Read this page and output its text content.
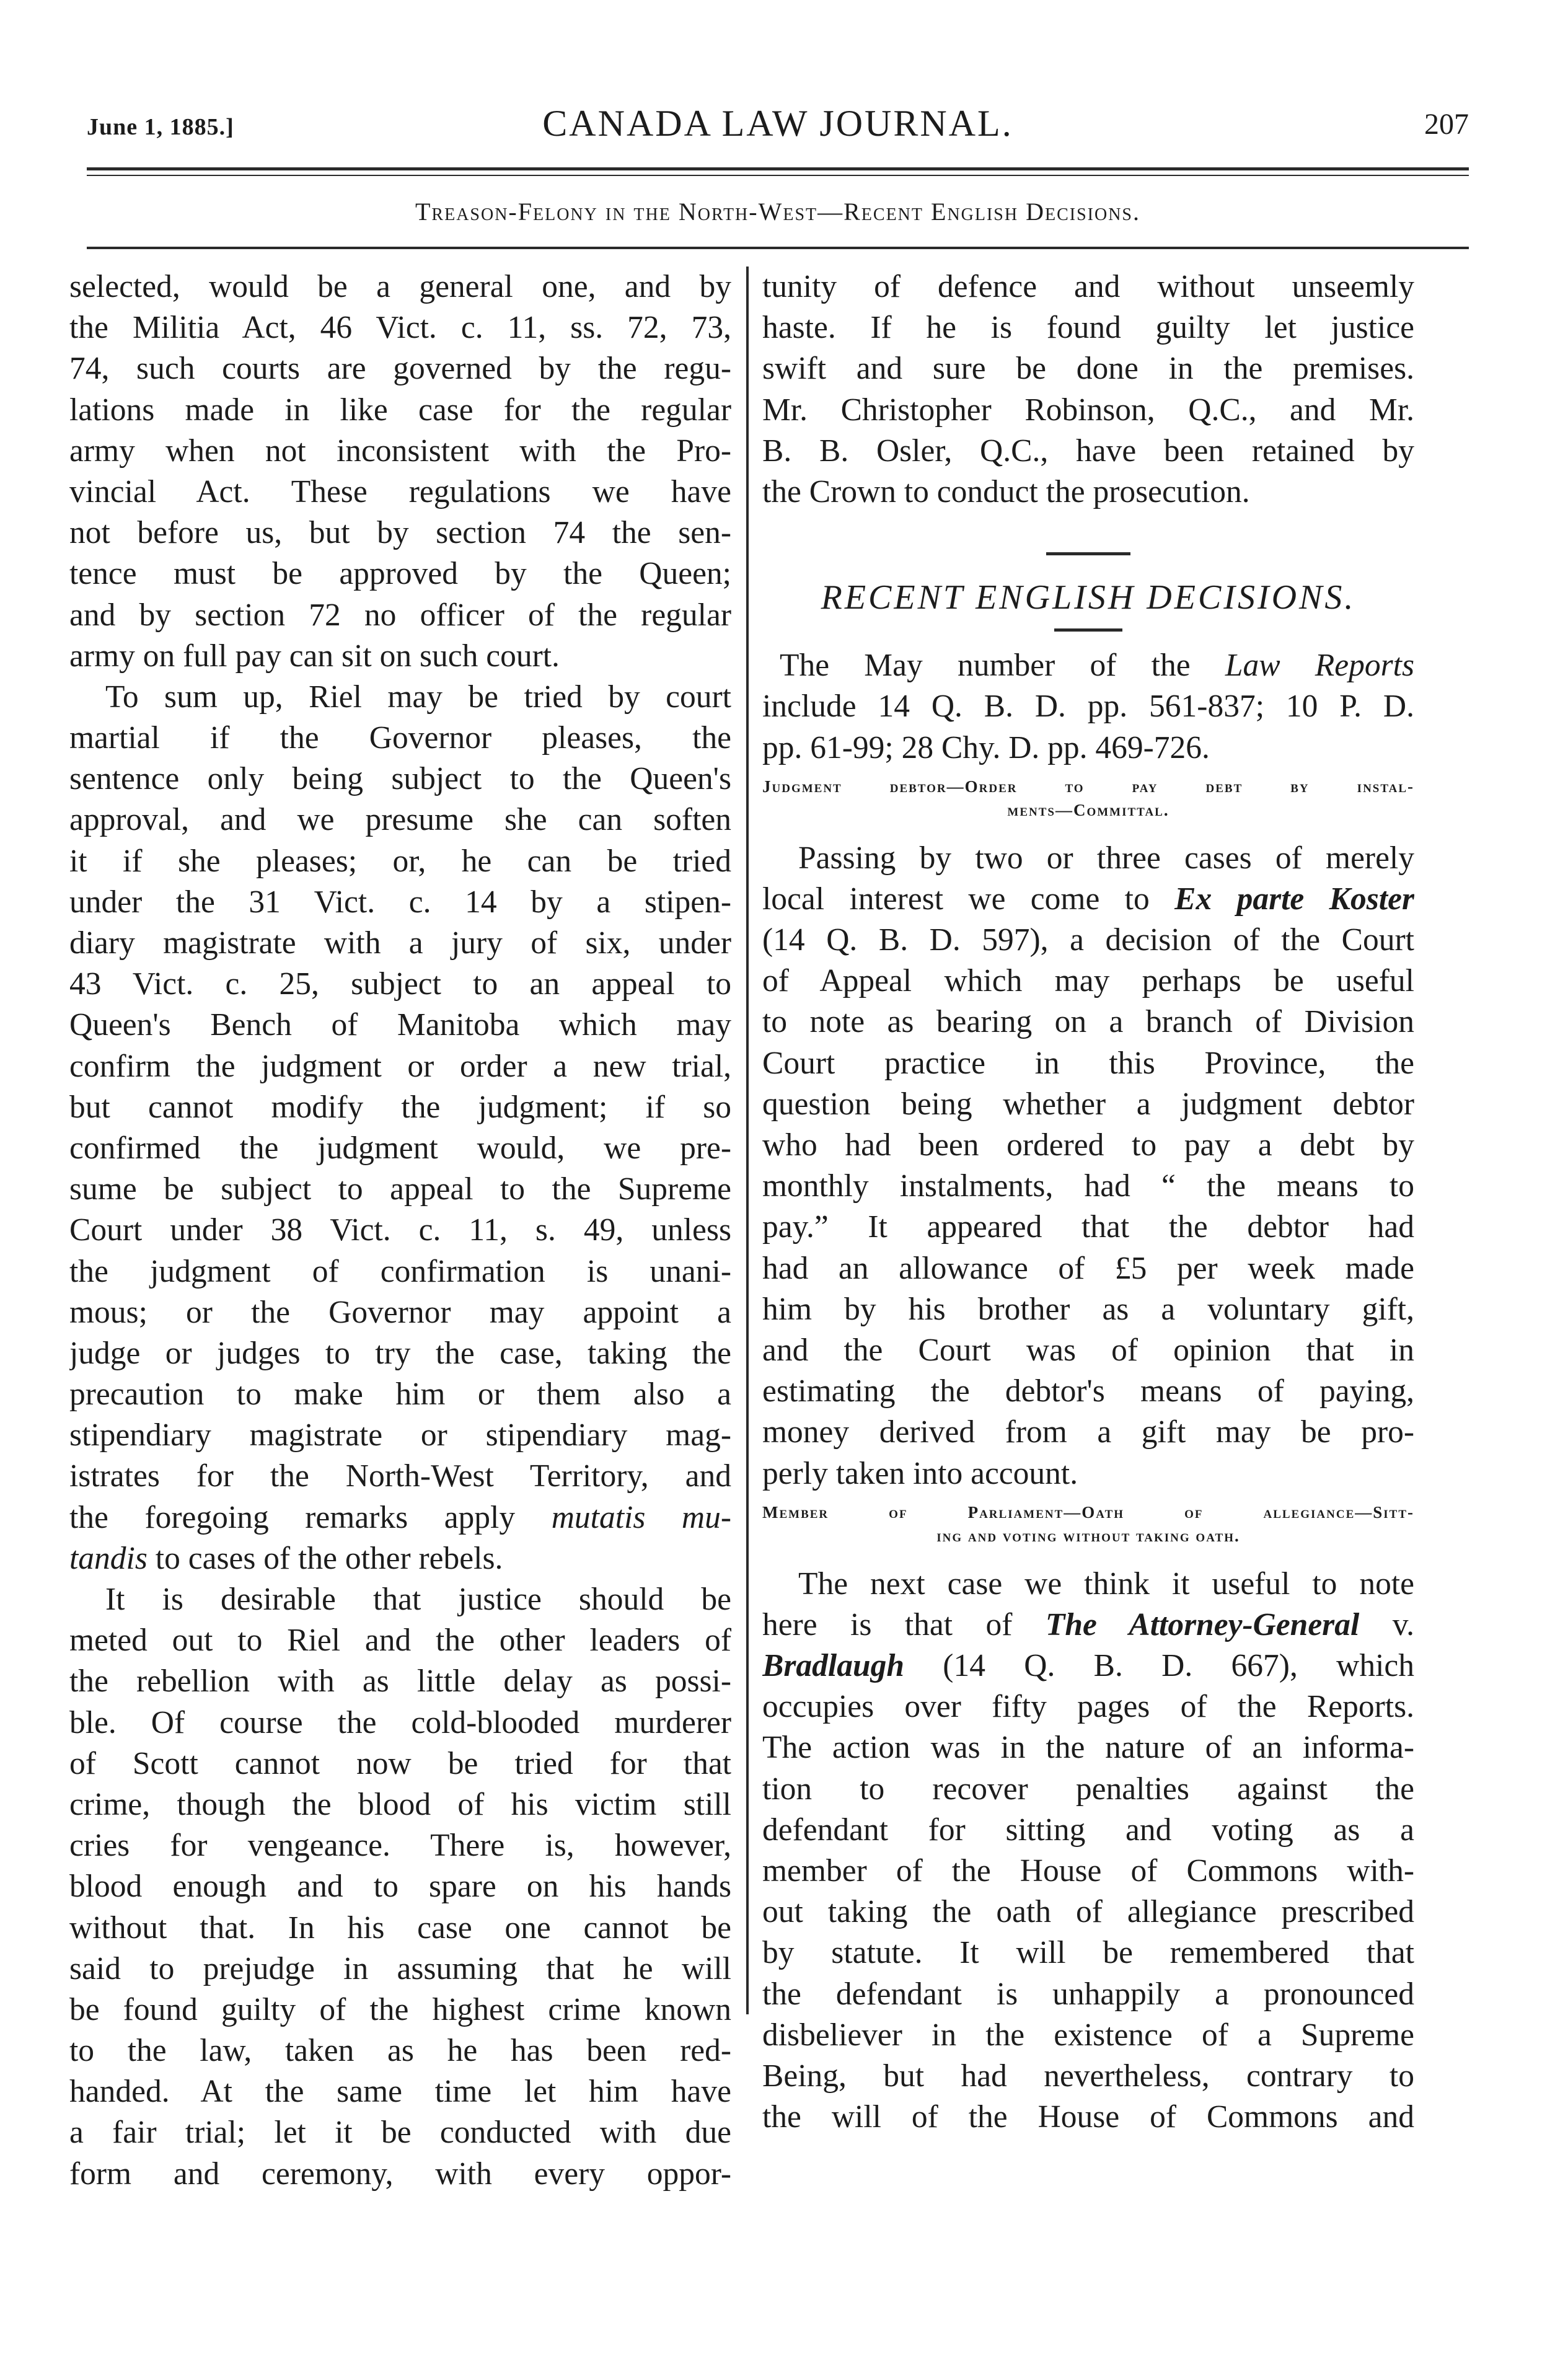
June 1, 1885.]	CANADA LAW JOURNAL.	207
Treason-Felony in the North-West—Recent English Decisions.
selected, would be a general one, and by
the Militia Act, 46 Vict. c. 11, ss. 72, 73,
74, such courts are governed by the regu-
lations made in like case for the regular
army when not inconsistent with the Pro-
vincial Act. These regulations we have
not before us, but by section 74 the sen-
tence must be approved by the Queen;
and by section 72 no officer of the regular
army on full pay can sit on such court.
To sum up, Riel may be tried by court
martial if the Governor pleases, the
sentence only being subject to the Queen's
approval, and we presume she can soften
it if she pleases; or, he can be tried
under the 31 Vict. c. 14 by a stipen-
diary magistrate with a jury of six, under
43 Vict. c. 25, subject to an appeal to
Queen's Bench of Manitoba which may
confirm the judgment or order a new trial,
but cannot modify the judgment; if so
confirmed the judgment would, we pre-
sume be subject to appeal to the Supreme
Court under 38 Vict. c. 11, s. 49, unless
the judgment of confirmation is unani-
mous; or the Governor may appoint a
judge or judges to try the case, taking the
precaution to make him or them also a
stipendiary magistrate or stipendiary mag-
istrates for the North-West Territory, and
the foregoing remarks apply mutatis mu-
tandis to cases of the other rebels.
It is desirable that justice should be
meted out to Riel and the other leaders of
the rebellion with as little delay as possi-
ble. Of course the cold-blooded murderer
of Scott cannot now be tried for that
crime, though the blood of his victim still
cries for vengeance. There is, however,
blood enough and to spare on his hands
without that. In his case one cannot be
said to prejudge in assuming that he will
be found guilty of the highest crime known
to the law, taken as he has been red-
handed. At the same time let him have
a fair trial; let it be conducted with due
form and ceremony, with every oppor-
tunity of defence and without unseemly
haste. If he is found guilty let justice
swift and sure be done in the premises.
Mr. Christopher Robinson, Q.C., and Mr.
B. B. Osler, Q.C., have been retained by
the Crown to conduct the prosecution.
RECENT ENGLISH DECISIONS.
The May number of the Law Reports
include 14 Q. B. D. pp. 561-837; 10 P. D.
pp. 61-99; 28 Chy. D. pp. 469-726.
Judgment debtor—Order to pay debt by instal-
ments—Committal.
Passing by two or three cases of merely
local interest we come to Ex parte Koster
(14 Q. B. D. 597), a decision of the Court
of Appeal which may perhaps be useful
to note as bearing on a branch of Division
Court practice in this Province, the
question being whether a judgment debtor
who had been ordered to pay a debt by
monthly instalments, had “ the means to
pay.” It appeared that the debtor had
had an allowance of £5 per week made
him by his brother as a voluntary gift,
and the Court was of opinion that in
estimating the debtor's means of paying,
money derived from a gift may be pro-
perly taken into account.
Member of Parliament—Oath of allegiance—Sitt-
ing and voting without taking oath.
The next case we think it useful to note
here is that of The Attorney-General v.
Bradlaugh (14 Q. B. D. 667), which
occupies over fifty pages of the Reports.
The action was in the nature of an informa-
tion to recover penalties against the
defendant for sitting and voting as a
member of the House of Commons with-
out taking the oath of allegiance prescribed
by statute. It will be remembered that
the defendant is unhappily a pronounced
disbeliever in the existence of a Supreme
Being, but had nevertheless, contrary to
the will of the House of Commons and
